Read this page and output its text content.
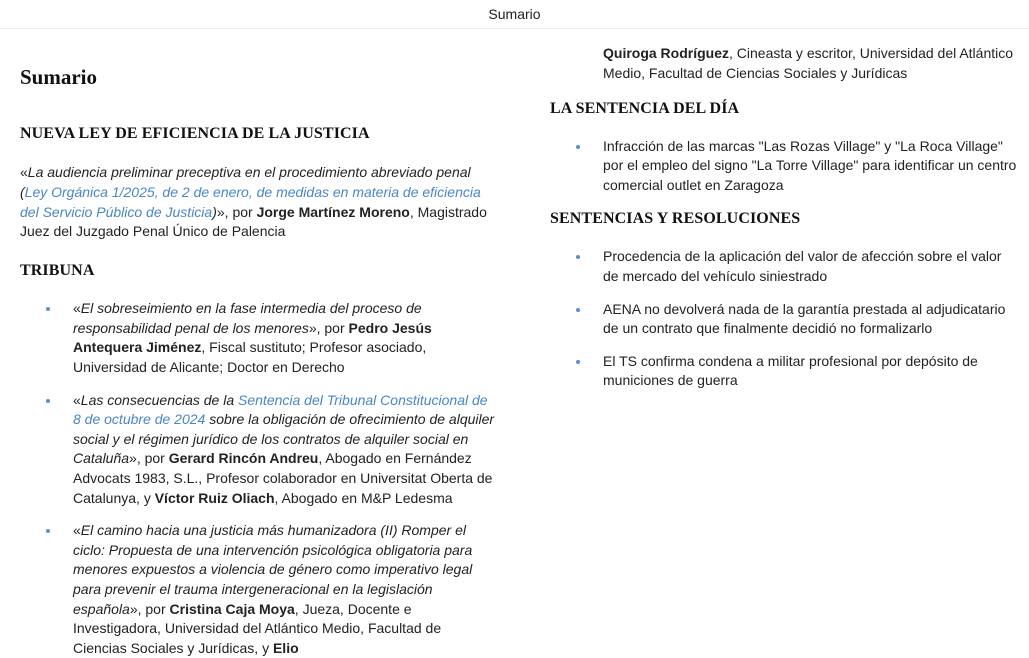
Sumario
Sumario
NUEVA LEY DE EFICIENCIA DE LA JUSTICIA

«La audiencia preliminar preceptiva en el procedimiento abreviado penal (Ley Orgánica 1/2025, de 2 de enero, de medidas en materia de eficiencia del Servicio Público de Justicia)», por Jorge Martínez Moreno, Magistrado Juez del Juzgado Penal Único de Palencia

TRIBUNA
«El sobreseimiento en la fase intermedia del proceso de responsabilidad penal de los menores», por Pedro Jesús Antequera Jiménez, Fiscal sustituto; Profesor asociado, Universidad de Alicante; Doctor en Derecho
«Las consecuencias de la Sentencia del Tribunal Constitucional de 8 de octubre de 2024 sobre la obligación de ofrecimiento de alquiler social y el régimen jurídico de los contratos de alquiler social en Cataluña», por Gerard Rincón Andreu, Abogado en Fernández Advocats 1983, S.L., Profesor colaborador en Universitat Oberta de Catalunya, y Víctor Ruiz Oliach, Abogado en M&P Ledesma
«El camino hacia una justicia más humanizadora (II) Romper el ciclo: Propuesta de una intervención psicológica obligatoria para menores expuestos a violencia de género como imperativo legal para prevenir el trauma intergeneracional en la legislación española», por Cristina Caja Moya, Jueza, Docente e Investigadora, Universidad del Atlántico Medio, Facultad de Ciencias Sociales y Jurídicas, y Elio

Quiroga Rodríguez, Cineasta y escritor, Universidad del Atlántico Medio, Facultad de Ciencias Sociales y Jurídicas

LA SENTENCIA DEL DÍA
Infracción de las marcas "Las Rozas Village" y "La Roca Village" por el empleo del signo "La Torre Village" para identificar un centro comercial outlet en Zaragoza
SENTENCIAS Y RESOLUCIONES
Procedencia de la aplicación del valor de afección sobre el valor de mercado del vehículo siniestrado
AENA no devolverá nada de la garantía prestada al adjudicatario de un contrato que finalmente decidió no formalizarlo
El TS confirma condena a militar profesional por depósito de municiones de guerra
